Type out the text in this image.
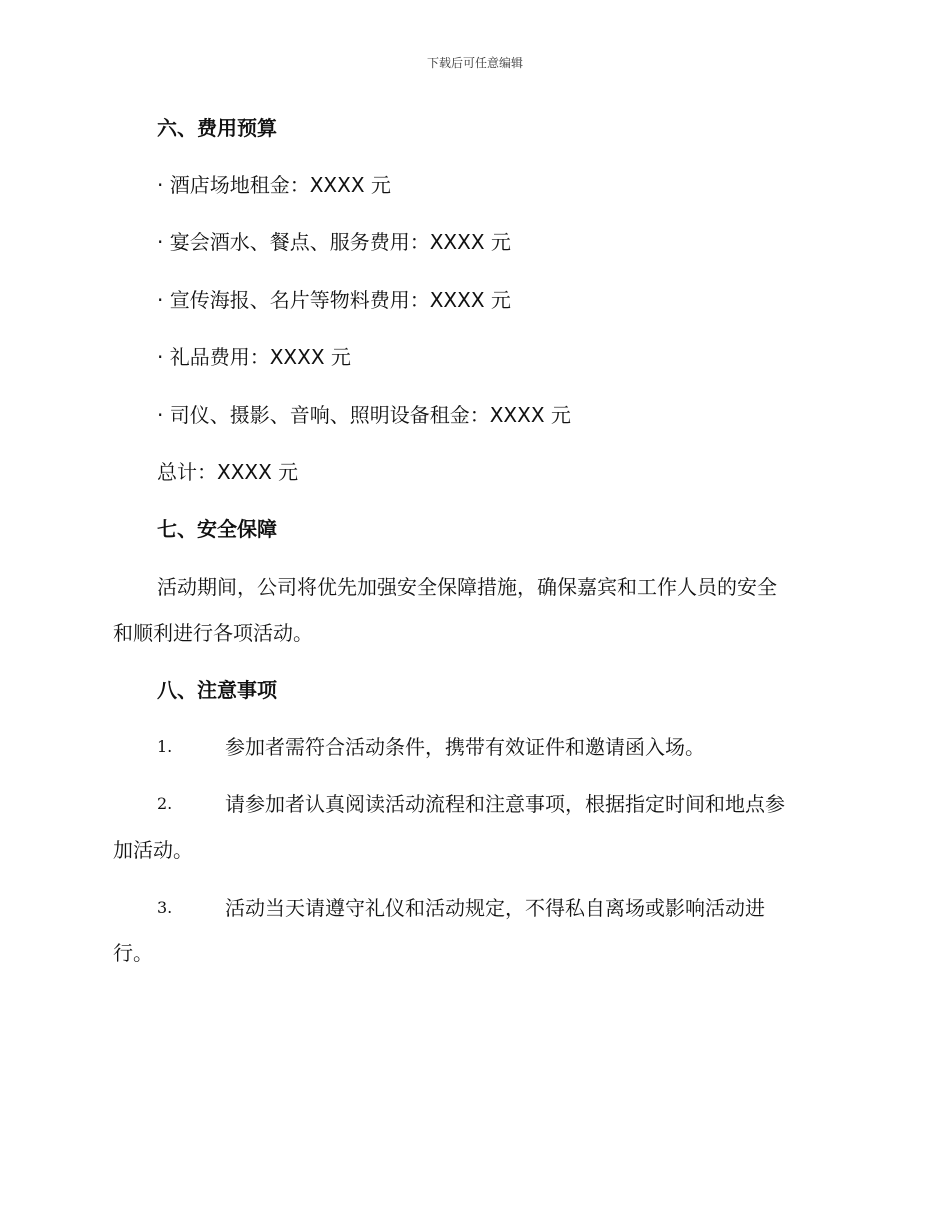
下载后可任意编辑
六、费用预算
· 酒店场地租金：XXXX 元
· 宴会酒水、餐点、服务费用：XXXX 元
· 宣传海报、名片等物料费用：XXXX 元
· 礼品费用：XXXX 元
· 司仪、摄影、音响、照明设备租金：XXXX 元
总计：XXXX 元
七、安全保障
活动期间，公司将优先加强安全保障措施，确保嘉宾和工作人员的安全
和顺利进行各项活动。
八、注意事项
1.	参加者需符合活动条件，携带有效证件和邀请函入场。
2.	请参加者认真阅读活动流程和注意事项，根据指定时间和地点参
加活动。
3.	活动当天请遵守礼仪和活动规定，不得私自离场或影响活动进
行。
